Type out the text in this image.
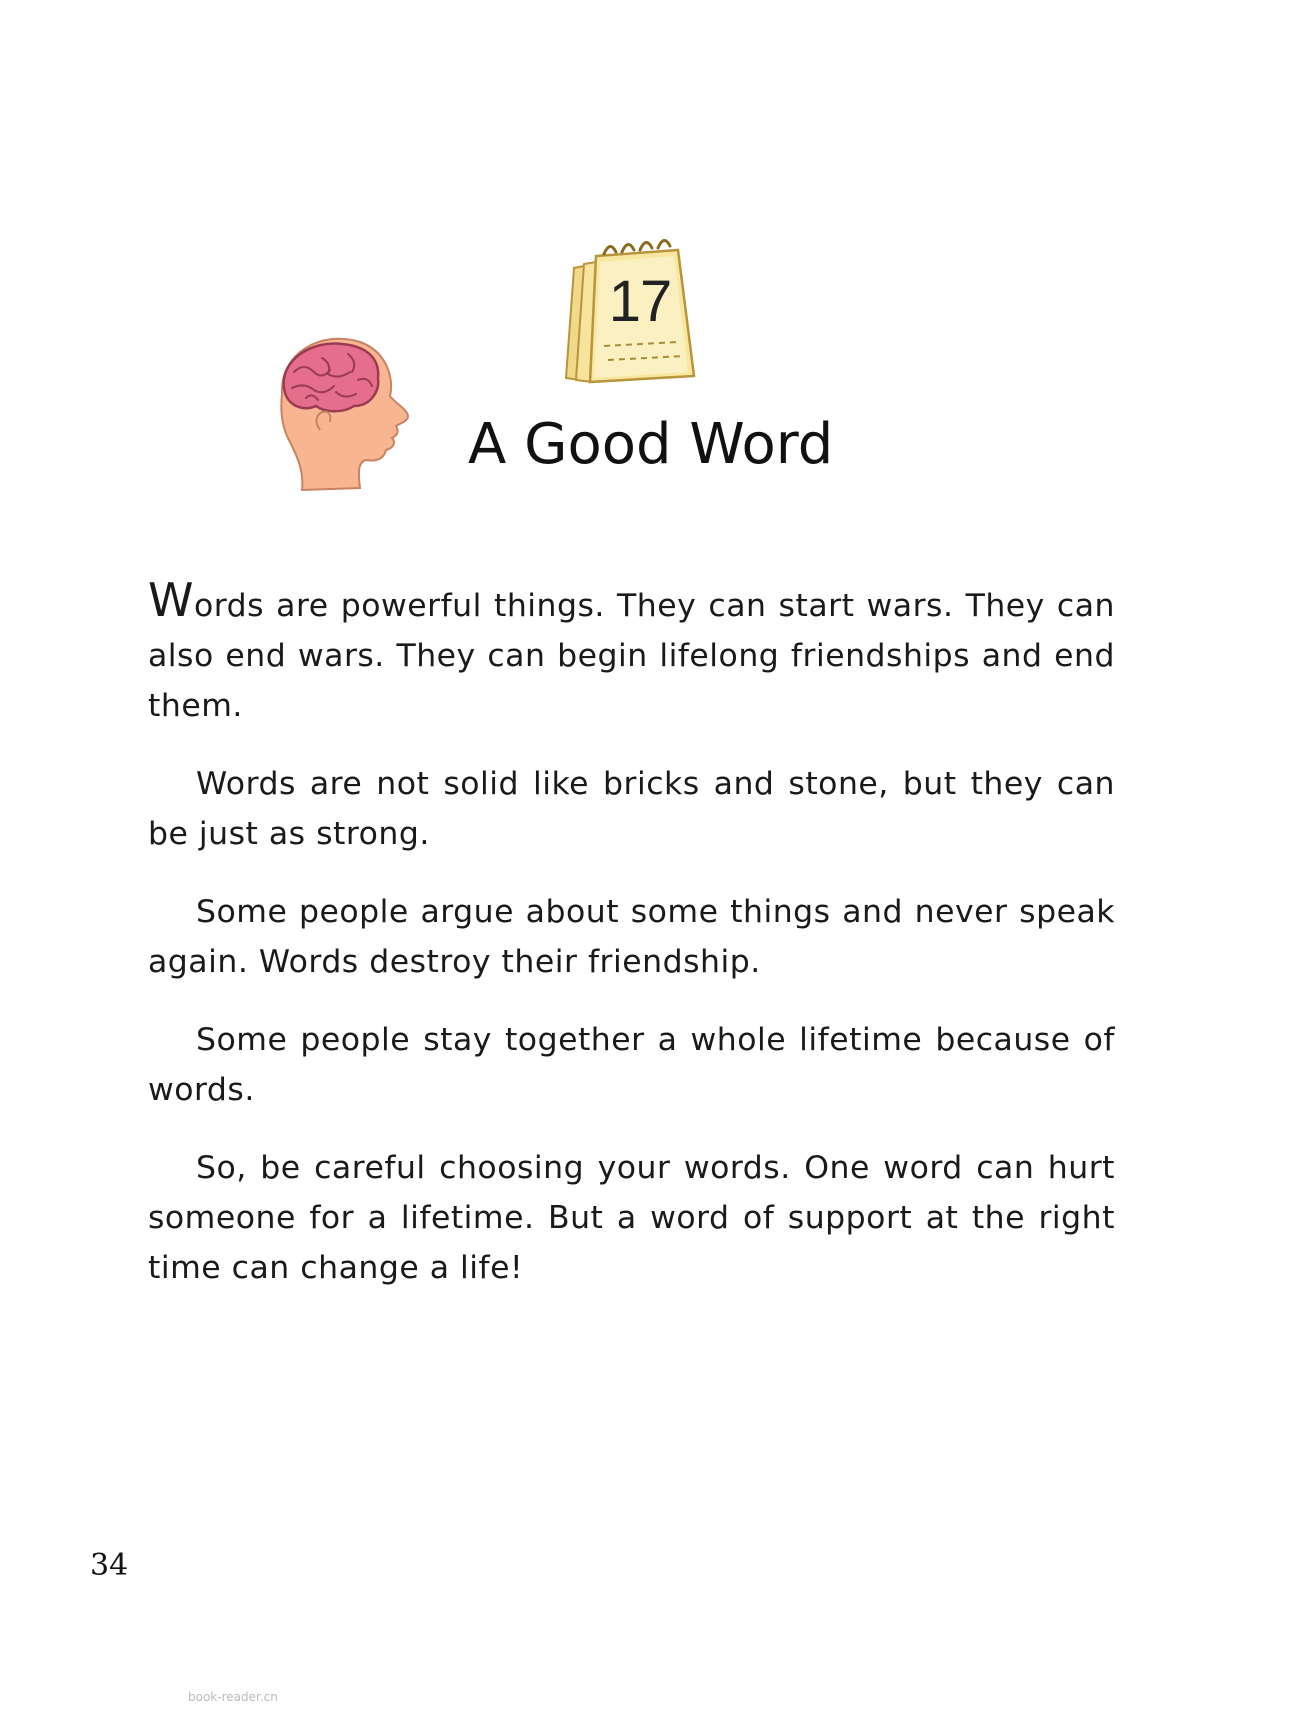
17
A Good Word

Words are powerful things. They can start wars. They can also end wars. They can begin lifelong friendships and end them.

Words are not solid like bricks and stone, but they can be just as strong.

Some people argue about some things and never speak again. Words destroy their friendship.

Some people stay together a whole lifetime because of words.

So, be careful choosing your words. One word can hurt someone for a lifetime. But a word of support at the right time can change a life!

34
book-reader.cn
